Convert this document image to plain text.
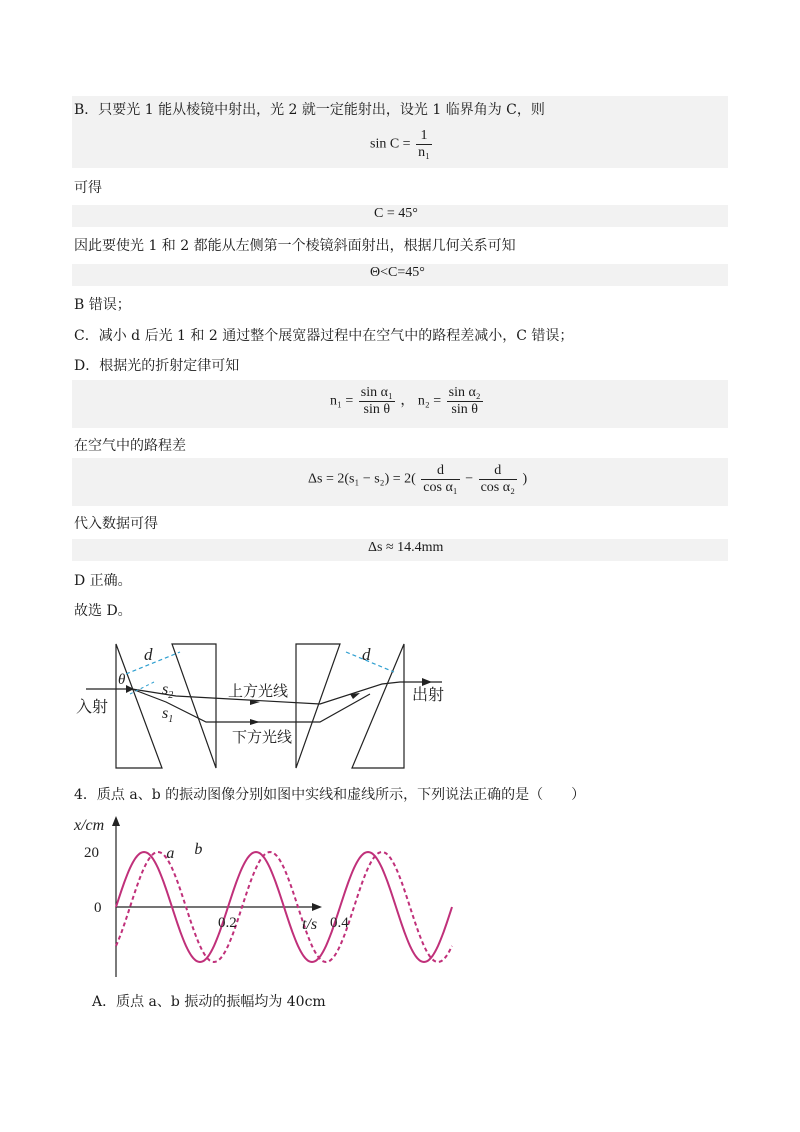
B．只要光 1 能从棱镜中射出，光 2 就一定能射出，设光 1 临界角为 C，则
$\sin C = \frac{1}{\text{n₁}}$
可得
C = 45°
因此要使光 1 和 2 都能从左侧第一个棱镜斜面射出，根据几何关系可知
Θ<C=45°
B 错误；
C．减小 d 后光 1 和 2 通过整个展宽器过程中在空气中的路程差减小，C 错误；
D．根据光的折射定律可知
$n_1 = \frac{\text{sin α₁}}{\text{sin θ}}$ ， $n_2 = \frac{\text{sin α₂}}{\text{sin θ}}$
在空气中的路程差
$\Delta s = 2(s_1 - s_2) = 2( \frac{d}{\text{cos α₁}} - \frac{d}{\text{cos α₂}}$ )
代入数据可得
Δs ≈ 14.4mm
D 正确。
故选 D。
d	d
θ
$s_2$
$s_1$
上方光线
下方光线
入射
出射
4．质点 a、b 的振动图像分别如图中实线和虚线所示，下列说法正确的是（　　）
a b
0.2	0.4
20
0
x/cm
t/s
A．质点 a、b 振动的振幅均为 40cm
